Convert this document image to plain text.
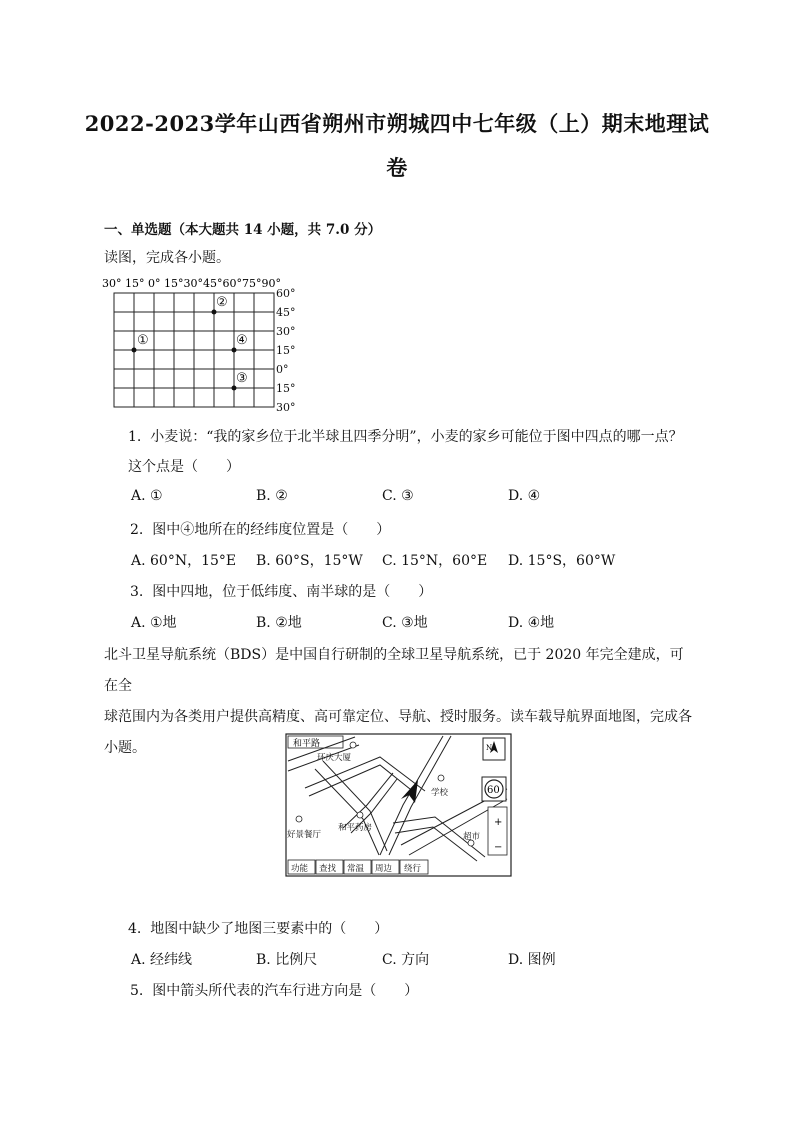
2022-2023学年山西省朔州市朔城四中七年级（上）期末地理试
卷
一、单选题（本大题共 14 小题，共 7.0 分）
读图，完成各小题。
30° 15° 0° 15°30°45°60°75°90°
60°
45°
30°
15°
0°
15°
30°
①
②
④
③
1. 小麦说：“我的家乡位于北半球且四季分明”，小麦的家乡可能位于图中四点的哪一点？
这个点是（　　）
A. ①	B. ②	C. ③	D. ④
2. 图中④地所在的经纬度位置是（　　）
A. 60°N，15°E B. 60°S，15°W C. 15°N，60°E D. 15°S，60°W
3. 图中四地，位于低纬度、南半球的是（　　）
A. ①地	B. ②地	C. ③地	D. ④地
北斗卫星导航系统（BDS）是中国自行研制的全球卫星导航系统，已于 2020 年完全建成，可在全
球范围内为各类用户提供高精度、高可靠定位、导航、授时服务。读车载导航界面地图，完成各
小题。	和平路	N
60
+
−
环庆大厦
学校
好景餐厅
和平药房
超市
功能 查找 常温 周边 绕行
4. 地图中缺少了地图三要素中的（　　）
A. 经纬线	B. 比例尺	C. 方向	D. 图例
5. 图中箭头所代表的汽车行进方向是（　　）
